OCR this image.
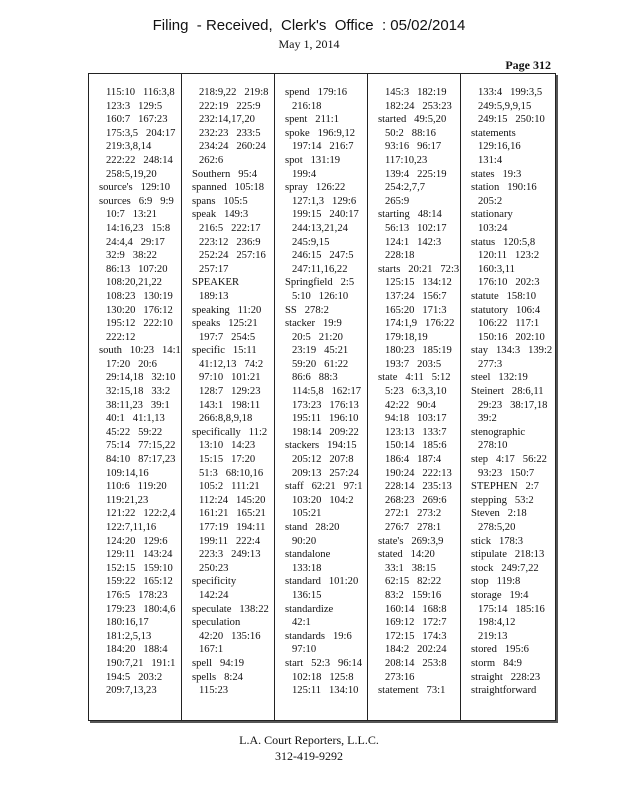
Filing  - Received,  Clerk's  Office  : 05/02/2014
May 1, 2014
Page 312
115:10   116:3,8
123:3   129:5
160:7   167:23
175:3,5   204:17
219:3,8,14
222:22   248:14
258:5,19,20
source's   129:10
sources   6:9   9:9
10:7   13:21
14:16,23   15:8
24:4,4   29:17
32:9   38:22
86:13   107:20
108:20,21,22
108:23   130:19
130:20   176:12
195:12   222:10
222:12
south   10:23   14:1
17:20   20:6
29:14,18   32:10
32:15,18   33:2
38:11,23   39:1
40:1   41:1,13
45:22   59:22
75:14   77:15,22
84:10   87:17,23
109:14,16
110:6   119:20
119:21,23
121:22   122:2,4
122:7,11,16
124:20   129:6
129:11   143:24
152:15   159:10
159:22   165:12
176:5   178:23
179:23   180:4,6
180:16,17
181:2,5,13
184:20   188:4
190:7,21   191:1
194:5   203:2
209:7,13,23
218:9,22   219:8
222:19   225:9
232:14,17,20
232:23   233:5
234:24   260:24
262:6
Southern   95:4
spanned   105:18
spans   105:5
speak   149:3
216:5   222:17
223:12   236:9
252:24   257:16
257:17
SPEAKER
189:13
speaking   11:20
speaks   125:21
197:7   254:5
specific   15:11
41:12,13   74:2
97:10   101:21
128:7   129:23
143:1   198:11
266:8,8,9,18
specifically   11:2
13:10   14:23
15:15   17:20
51:3   68:10,16
105:2   111:21
112:24   145:20
161:21   165:21
177:19   194:11
199:11   222:4
223:3   249:13
250:23
specificity
142:24
speculate   138:22
speculation
42:20   135:16
167:1
spell   94:19
spells   8:24
115:23
spend   179:16
216:18
spent   211:1
spoke   196:9,12
197:14   216:7
spot   131:19
199:4
spray   126:22
127:1,3   129:6
199:15   240:17
244:13,21,24
245:9,15
246:15   247:5
247:11,16,22
Springfield   2:5
5:10   126:10
SS   278:2
stacker   19:9
20:5   21:20
23:19   45:21
59:20   61:22
86:6   88:3
114:5,8   162:17
173:23   176:13
195:11   196:10
198:14   209:22
stackers   194:15
205:12   207:8
209:13   257:24
staff   62:21   97:1
103:20   104:2
105:21
stand   28:20
90:20
standalone
133:18
standard   101:20
136:15
standardize
42:1
standards   19:6
97:10
start   52:3   96:14
102:18   125:8
125:11   134:10
145:3   182:19
182:24   253:23
started   49:5,20
50:2   88:16
93:16   96:17
117:10,23
139:4   225:19
254:2,7,7
265:9
starting   48:14
56:13   102:17
124:1   142:3
228:18
starts   20:21   72:3
125:15   134:12
137:24   156:7
165:20   171:3
174:1,9   176:22
179:18,19
180:23   185:19
193:7   203:5
state   4:11   5:12
5:23   6:3,3,10
42:22   90:4
94:18   103:17
123:13   133:7
150:14   185:6
186:4   187:4
190:24   222:13
228:14   235:13
268:23   269:6
272:1   273:2
276:7   278:1
state's   269:3,9
stated   14:20
33:1   38:15
62:15   82:22
83:2   159:16
160:14   168:8
169:12   172:7
172:15   174:3
184:2   202:24
208:14   253:8
273:16
statement   73:1
133:4   199:3,5
249:5,9,9,15
249:15   250:10
statements
129:16,16
131:4
states   19:3
station   190:16
205:2
stationary
103:24
status   120:5,8
120:11   123:2
160:3,11
176:10   202:3
statute   158:10
statutory   106:4
106:22   117:1
150:16   202:10
stay   134:3   139:2
277:3
steel   132:19
Steinert   28:6,11
29:23   38:17,18
39:2
stenographic
278:10
step   4:17   56:22
93:23   150:7
STEPHEN   2:7
stepping   53:2
Steven   2:18
278:5,20
stick   178:3
stipulate   218:13
stock   249:7,22
stop   119:8
storage   19:4
175:14   185:16
198:4,12
219:13
stored   195:6
storm   84:9
straight   228:23
straightforward
L.A. Court Reporters, L.L.C.
312-419-9292
